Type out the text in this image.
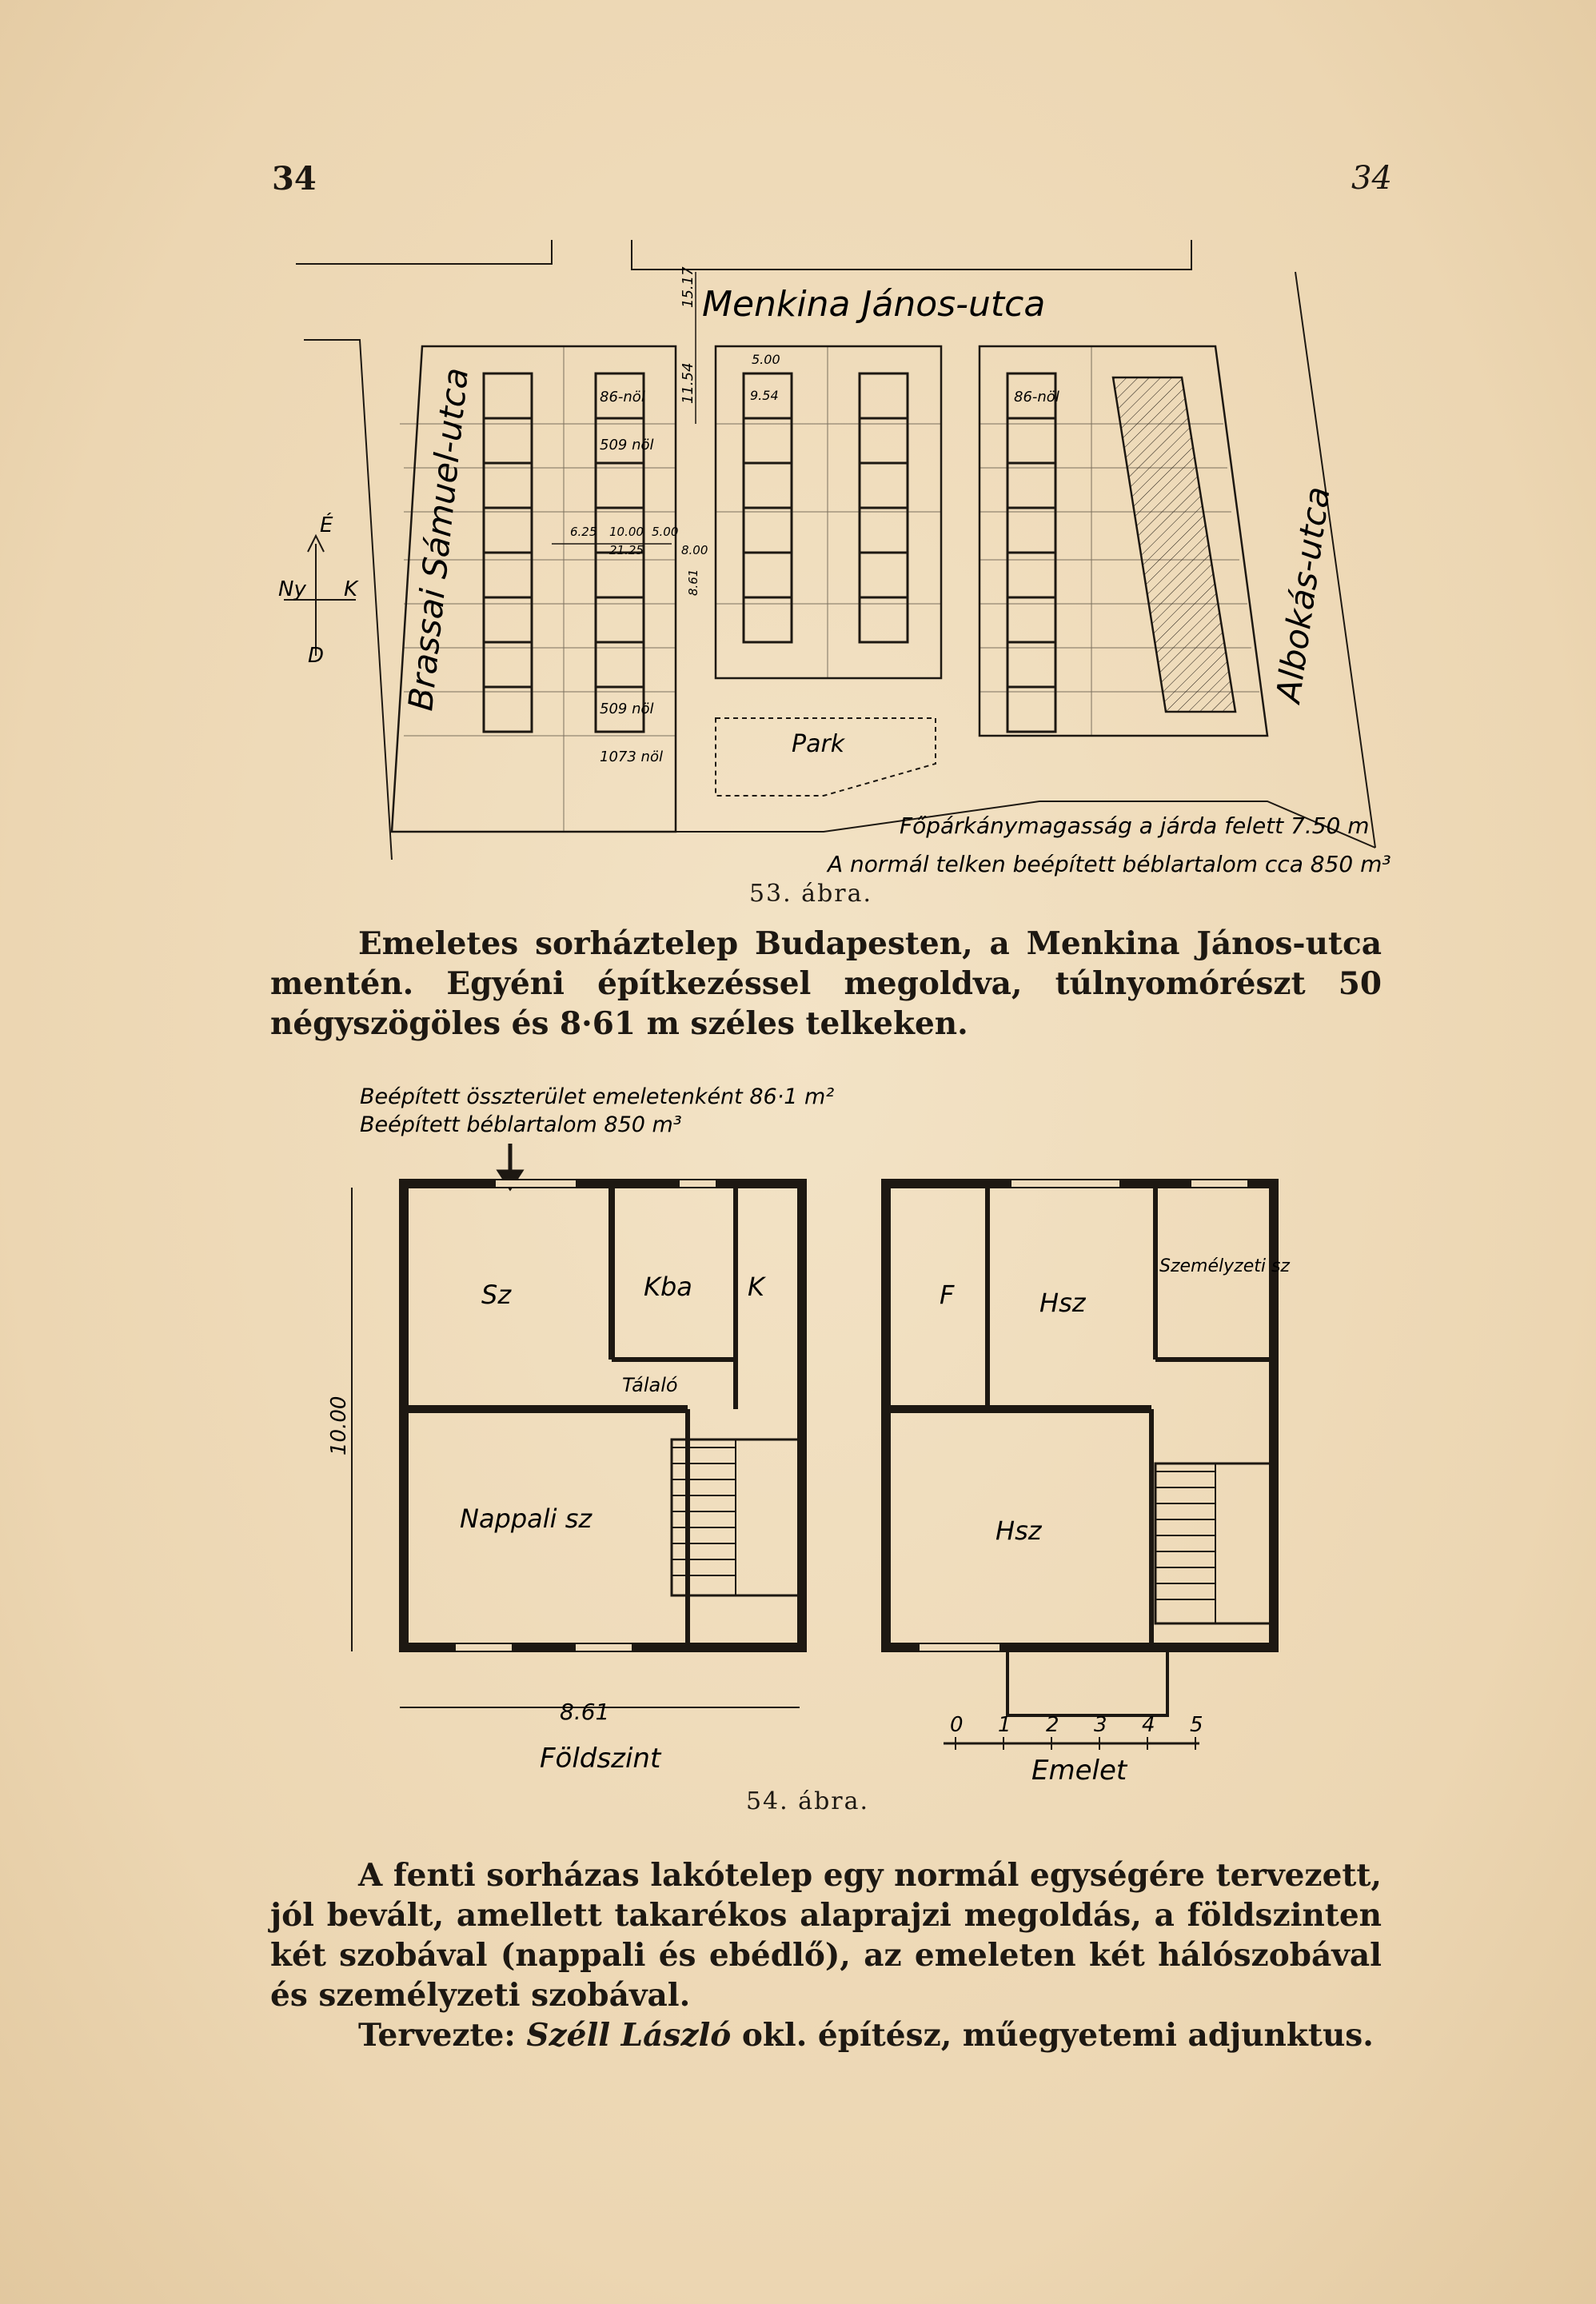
34	34
É
Ny K
D
Menkina János-utca
Brassai Sámuel-utca	Albokás-utca
Park
86-nöl
509 nöl
86-nöl
509 nöl
1073 nöl
15.17
11.54
5.00
9.54
6.25 10.00 5.00
21.25	8.00
8.61
Főpárkánymagasság a járda felett 7.50 m
A normál telken beépített béblartalom cca 850 m³
53. ábra.
Emeletes sorháztelep Budapesten, a Menkina János-utca mentén. Egyéni építkezéssel megoldva, túlnyomórészt 50 négyszögöles és 8·61 m széles telkeken.
Beépített összterület emeletenként 86·1 m²
Beépített béblartalom 850 m³
Sz	Kba K
Tálaló
Nappali sz
8.61
10.00
Földszint
F	Hsz
Személyzeti sz
Hsz
Emelet
0 1 2 3 4 5
54. ábra.
A fenti sorházas lakótelep egy normál egységére tervezett, jól bevált, amellett takarékos alaprajzi megoldás, a földszinten két szobával (nappali és ebédlő), az emeleten két hálószobával és személyzeti szobával.
Tervezte: Széll László okl. építész, műegyetemi adjunktus.
